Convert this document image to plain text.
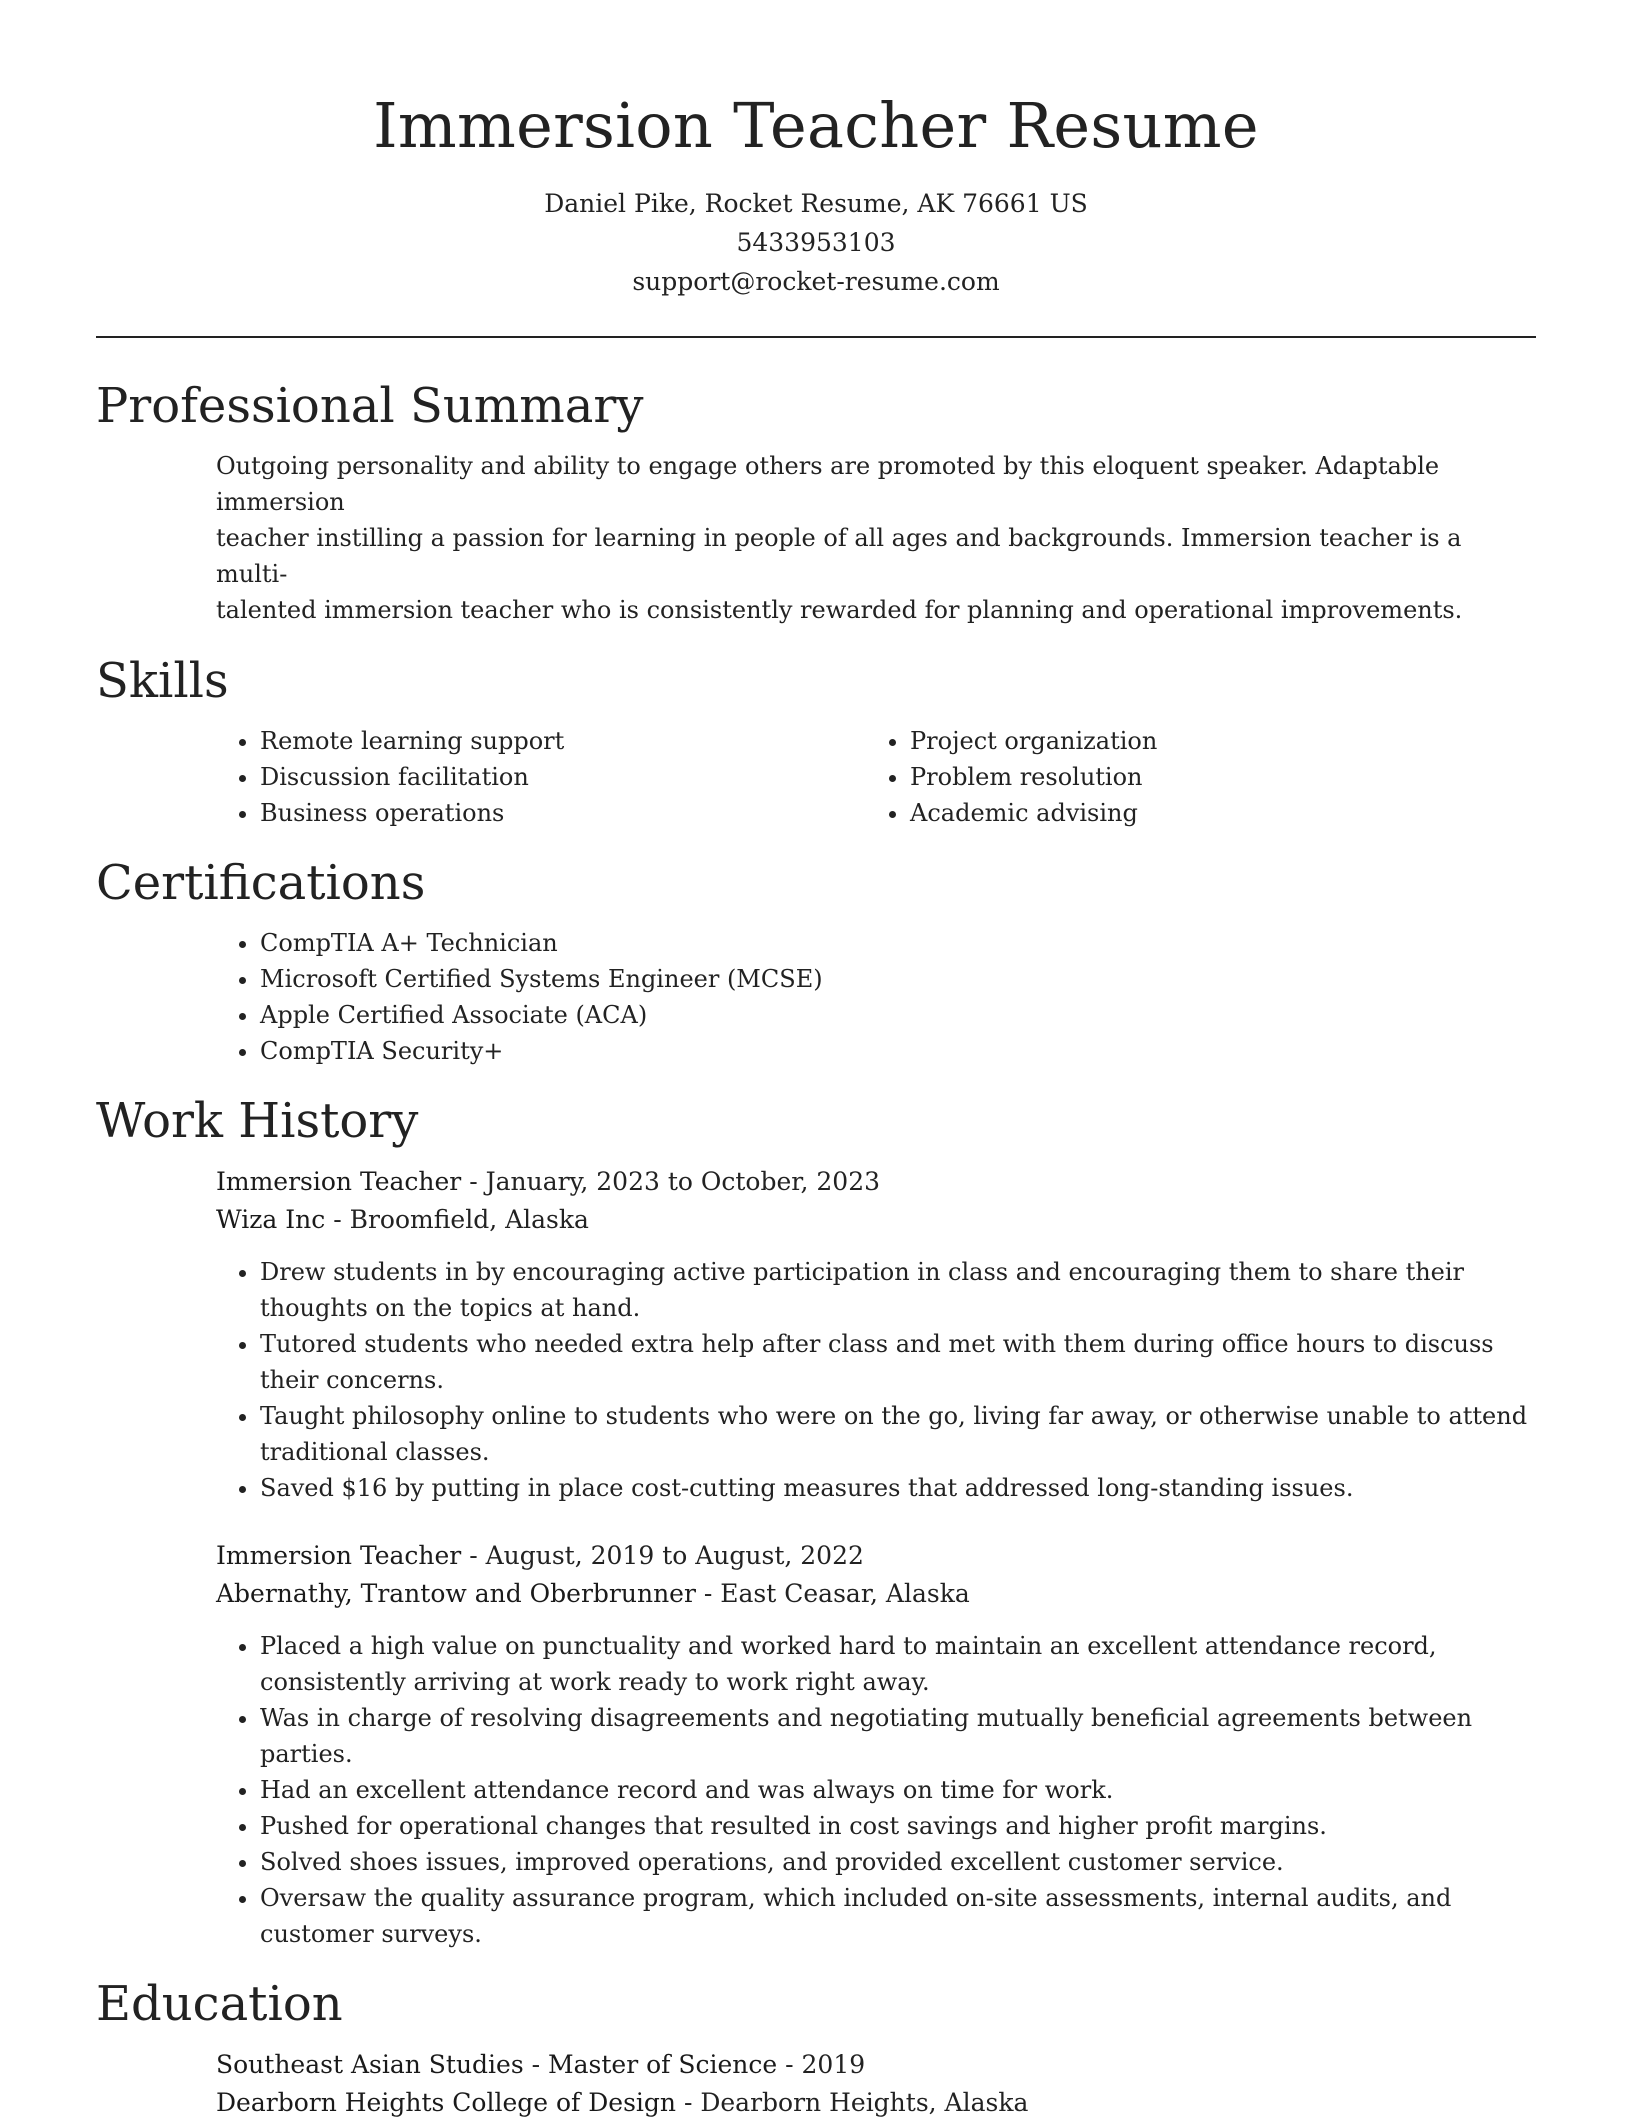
Immersion Teacher Resume

Daniel Pike, Rocket Resume, AK 76661 US

5433953103

support@rocket-resume.com

Professional Summary

Outgoing personality and ability to engage others are promoted by this eloquent speaker. Adaptable immersion

teacher instilling a passion for learning in people of all ages and backgrounds. Immersion teacher is a multi-

talented immersion teacher who is consistently rewarded for planning and operational improvements.

Skills
• Remote learning support
• Discussion facilitation
• Business operations
• Project organization
• Problem resolution
• Academic advising
Certifications
• CompTIA A+ Technician
• Microsoft Certified Systems Engineer (MCSE)
• Apple Certified Associate (ACA)
• CompTIA Security+
Work History

Immersion Teacher - January, 2023 to October, 2023

Wiza Inc - Broomfield, Alaska

• Drew students in by encouraging active participation in class and encouraging them to share their thoughts on the topics at hand.
• Tutored students who needed extra help after class and met with them during office hours to discuss their concerns.
• Taught philosophy online to students who were on the go, living far away, or otherwise unable to attend traditional classes.
• Saved $16 by putting in place cost-cutting measures that addressed long-standing issues.

Immersion Teacher - August, 2019 to August, 2022

Abernathy, Trantow and Oberbrunner - East Ceasar, Alaska

• Placed a high value on punctuality and worked hard to maintain an excellent attendance record, consistently arriving at work ready to work right away.
• Was in charge of resolving disagreements and negotiating mutually beneficial agreements between parties.
• Had an excellent attendance record and was always on time for work.
• Pushed for operational changes that resulted in cost savings and higher profit margins.
• Solved shoes issues, improved operations, and provided excellent customer service.
• Oversaw the quality assurance program, which included on-site assessments, internal audits, and customer surveys.
Education

Southeast Asian Studies - Master of Science - 2019

Dearborn Heights College of Design - Dearborn Heights, Alaska
